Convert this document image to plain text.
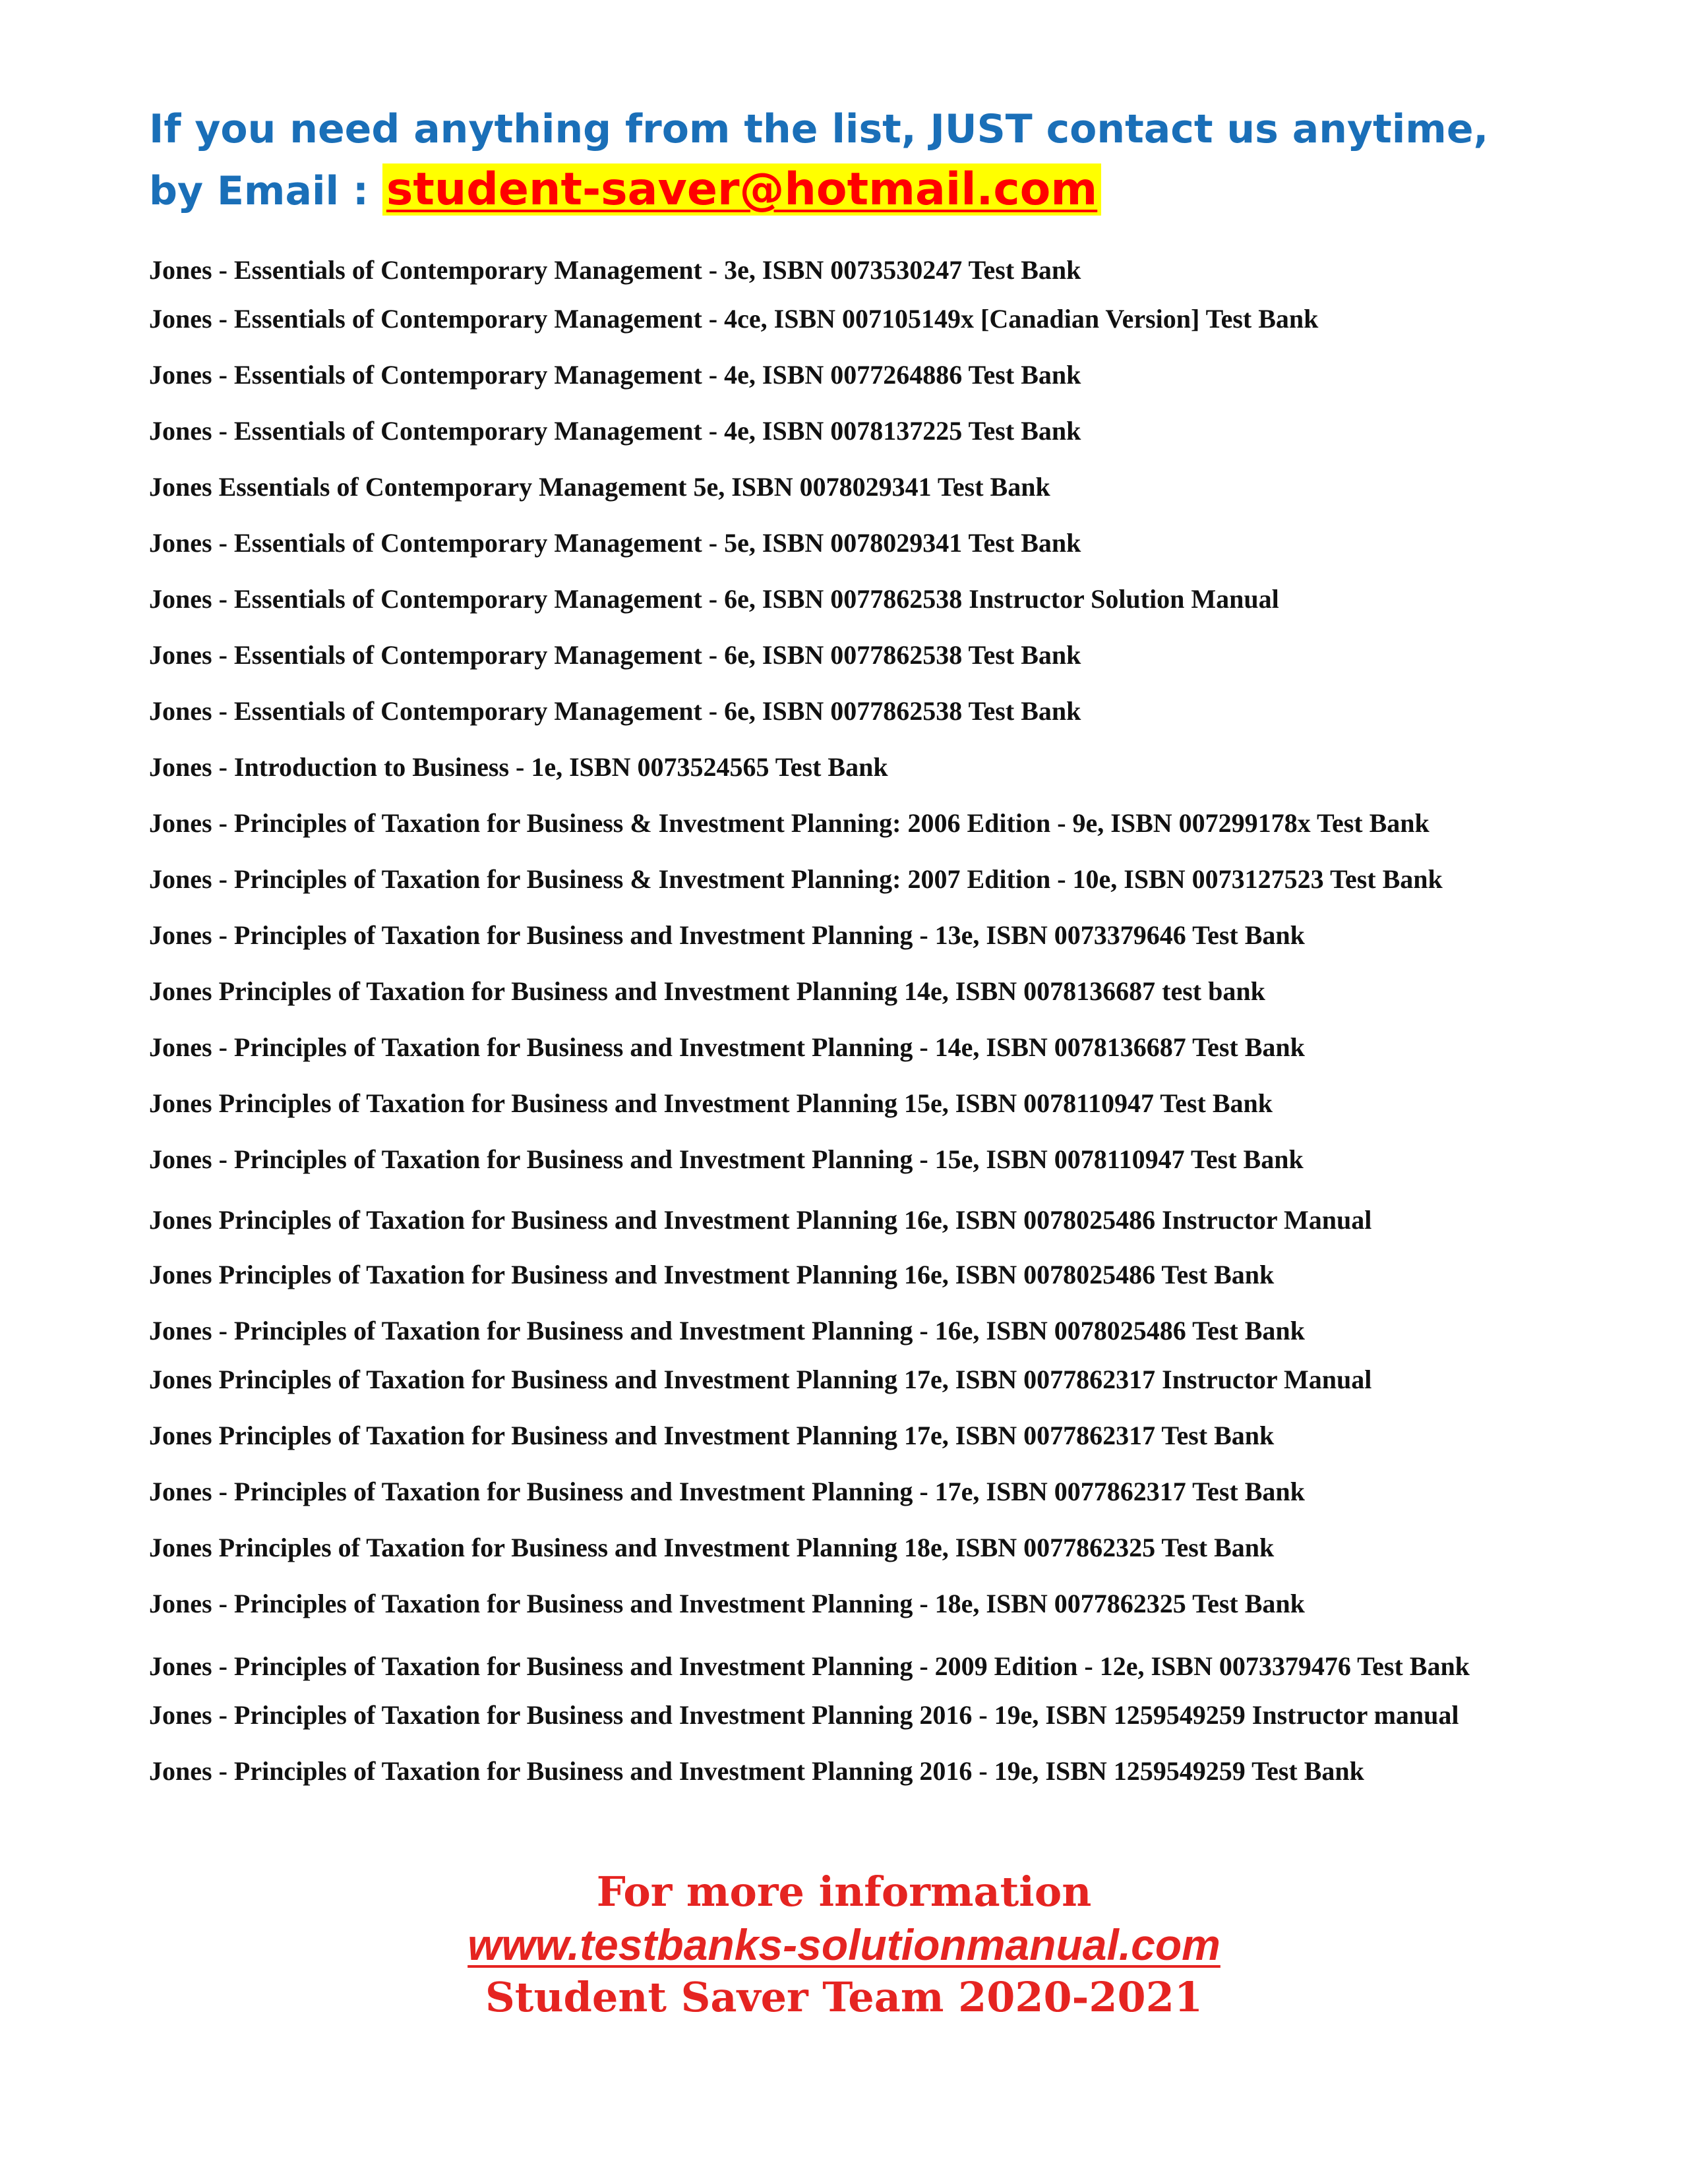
If you need anything from the list, JUST contact us anytime,
by Email : student-saver@hotmail.com
Jones - Essentials of Contemporary Management - 3e, ISBN 0073530247 Test Bank
Jones - Essentials of Contemporary Management - 4ce, ISBN 007105149x [Canadian Version] Test Bank
Jones - Essentials of Contemporary Management - 4e, ISBN 0077264886 Test Bank
Jones - Essentials of Contemporary Management - 4e, ISBN 0078137225 Test Bank
Jones Essentials of Contemporary Management 5e, ISBN 0078029341 Test Bank
Jones - Essentials of Contemporary Management - 5e, ISBN 0078029341 Test Bank
Jones - Essentials of Contemporary Management - 6e, ISBN 0077862538 Instructor Solution Manual
Jones - Essentials of Contemporary Management - 6e, ISBN 0077862538 Test Bank
Jones - Essentials of Contemporary Management - 6e, ISBN 0077862538 Test Bank
Jones - Introduction to Business - 1e, ISBN 0073524565 Test Bank
Jones - Principles of Taxation for Business & Investment Planning: 2006 Edition - 9e, ISBN 007299178x Test Bank
Jones - Principles of Taxation for Business & Investment Planning: 2007 Edition - 10e, ISBN 0073127523 Test Bank
Jones - Principles of Taxation for Business and Investment Planning - 13e, ISBN 0073379646 Test Bank
Jones Principles of Taxation for Business and Investment Planning 14e, ISBN 0078136687 test bank
Jones - Principles of Taxation for Business and Investment Planning - 14e, ISBN 0078136687 Test Bank
Jones Principles of Taxation for Business and Investment Planning 15e, ISBN 0078110947 Test Bank
Jones - Principles of Taxation for Business and Investment Planning - 15e, ISBN 0078110947 Test Bank
Jones Principles of Taxation for Business and Investment Planning 16e, ISBN 0078025486 Instructor Manual
Jones Principles of Taxation for Business and Investment Planning 16e, ISBN 0078025486 Test Bank
Jones - Principles of Taxation for Business and Investment Planning - 16e, ISBN 0078025486 Test Bank
Jones Principles of Taxation for Business and Investment Planning 17e, ISBN 0077862317 Instructor Manual
Jones Principles of Taxation for Business and Investment Planning 17e, ISBN 0077862317 Test Bank
Jones - Principles of Taxation for Business and Investment Planning - 17e, ISBN 0077862317 Test Bank
Jones Principles of Taxation for Business and Investment Planning 18e, ISBN 0077862325 Test Bank
Jones - Principles of Taxation for Business and Investment Planning - 18e, ISBN 0077862325 Test Bank
Jones - Principles of Taxation for Business and Investment Planning - 2009 Edition - 12e, ISBN 0073379476 Test Bank
Jones - Principles of Taxation for Business and Investment Planning 2016 - 19e, ISBN 1259549259 Instructor manual
Jones - Principles of Taxation for Business and Investment Planning 2016 - 19e, ISBN 1259549259 Test Bank
For more information
www.testbanks-solutionmanual.com
Student Saver Team 2020-2021
